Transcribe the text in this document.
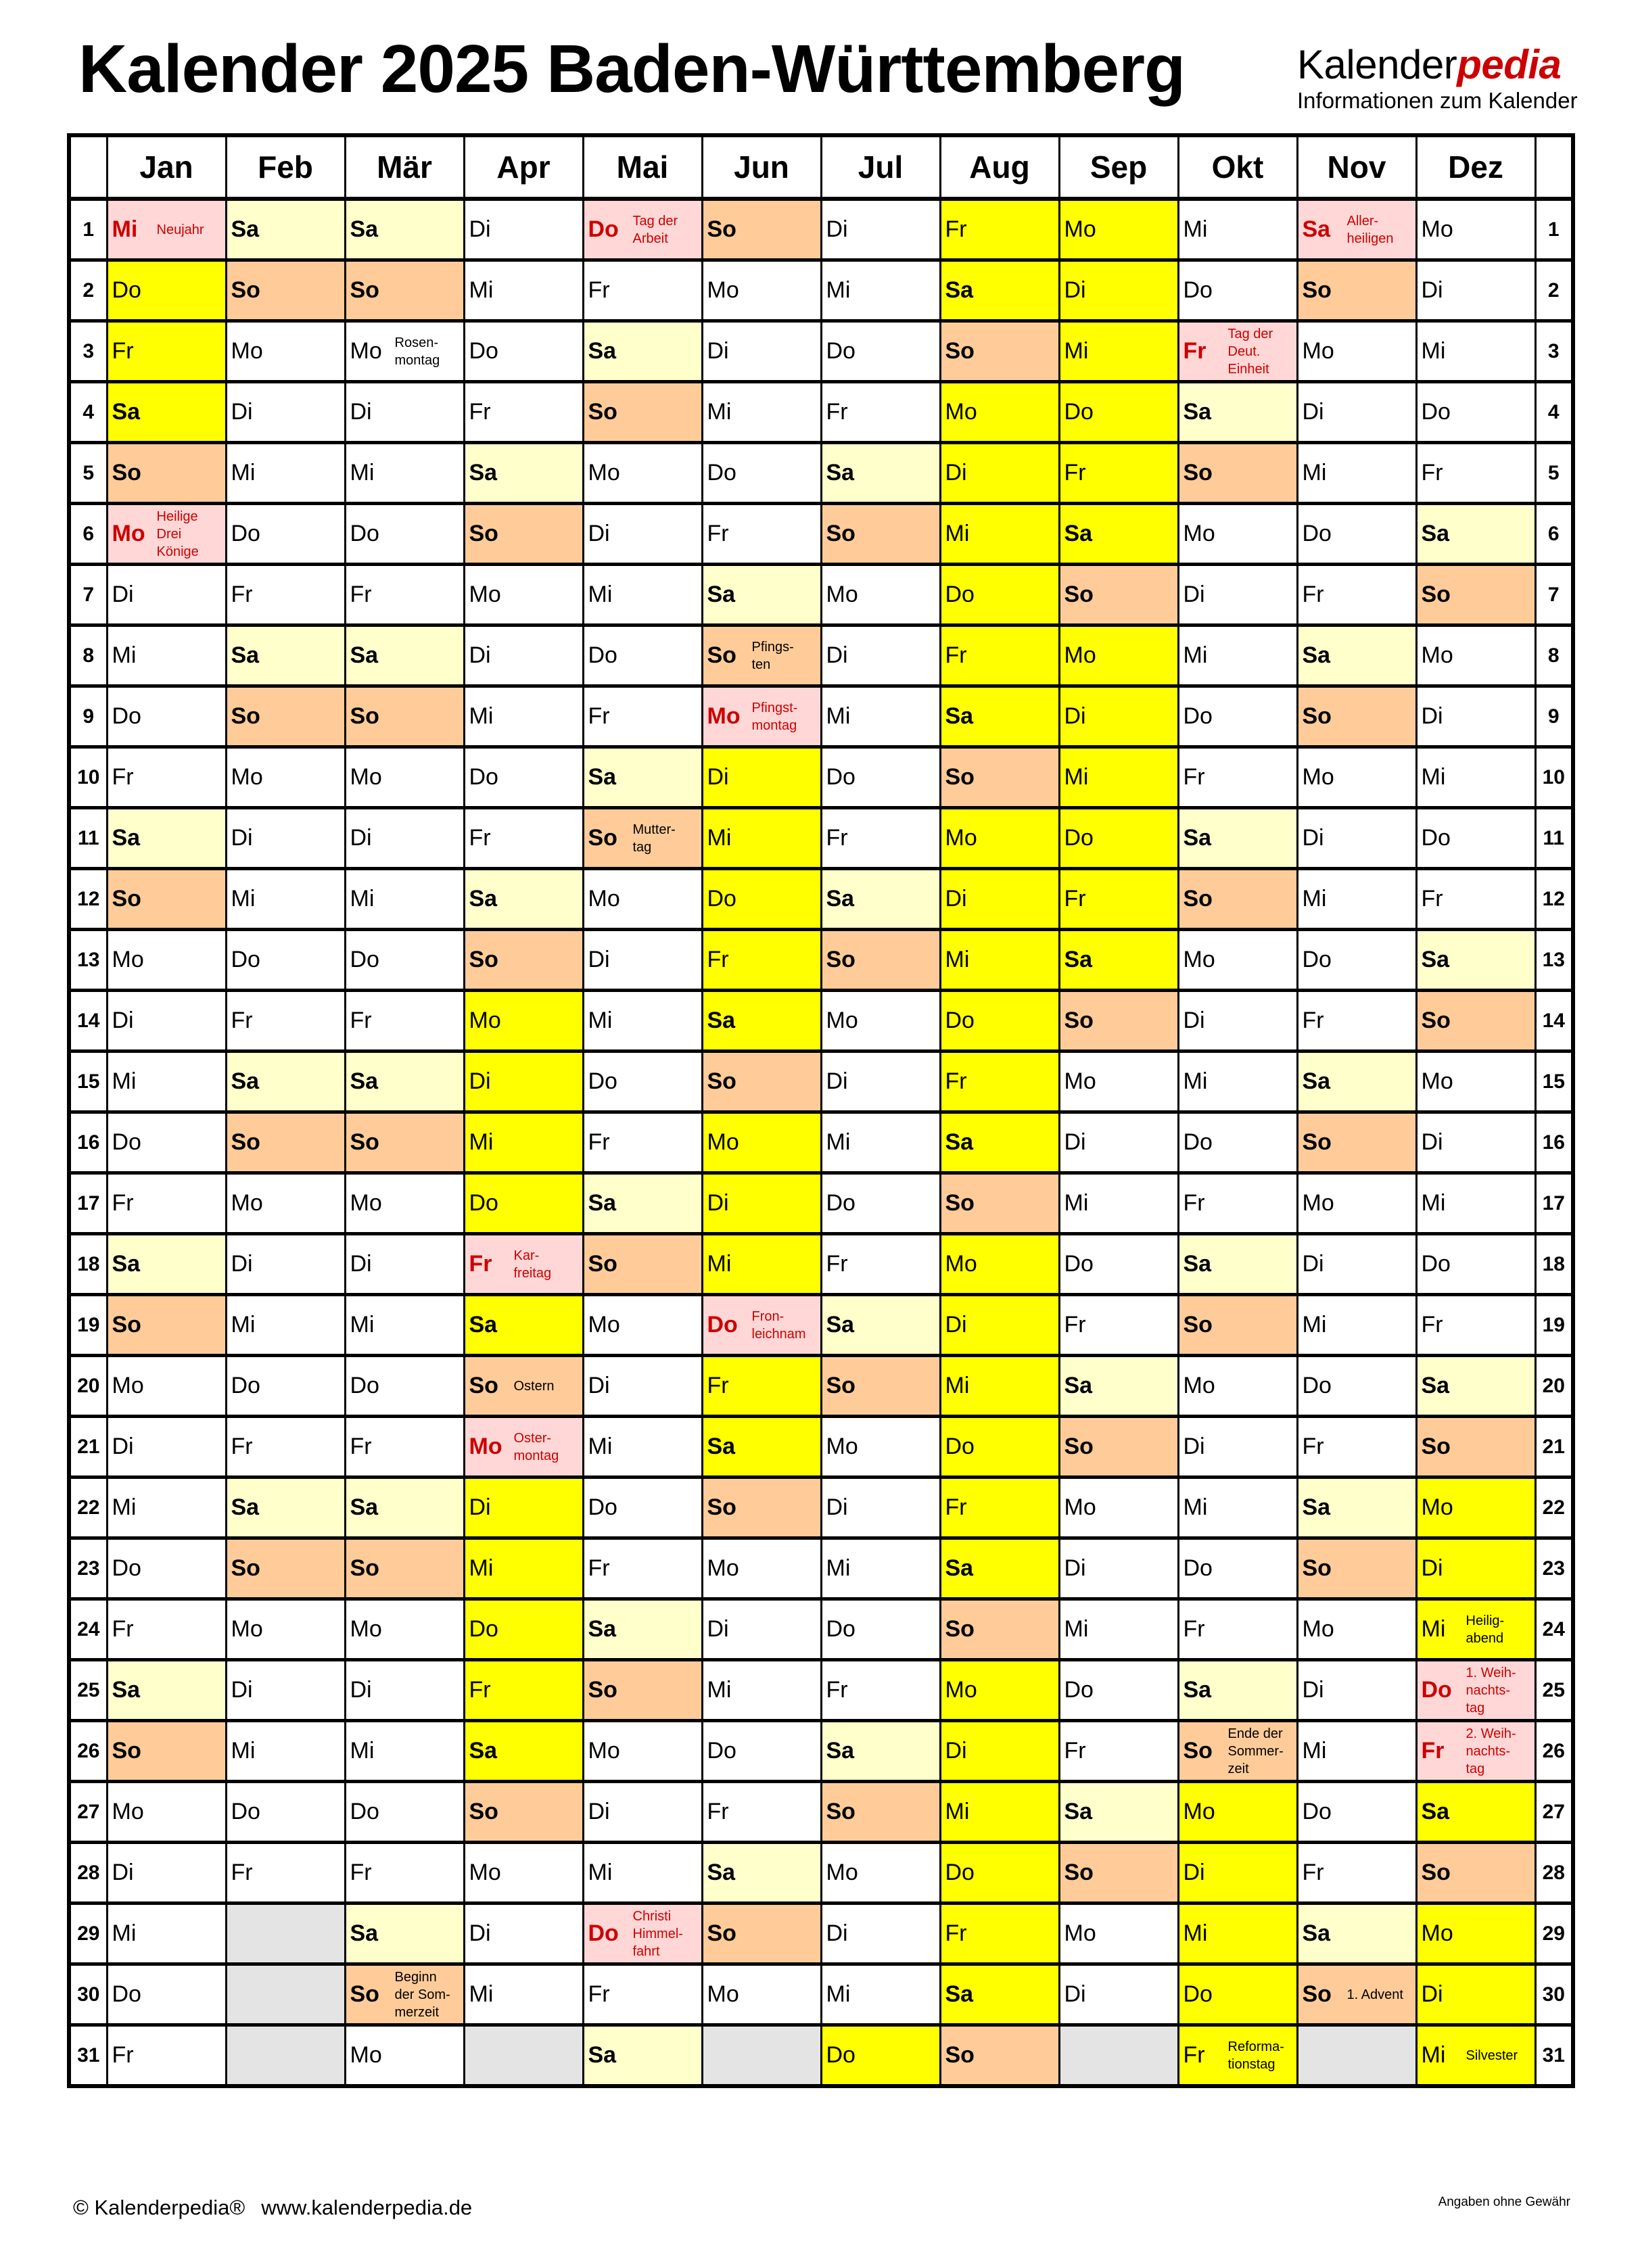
Kalender 2025 Baden-Württemberg	Kalenderpedia
Informationen zum Kalender
	Jan	Feb	Mär	Apr	Mai	Jun	Jul	Aug	Sep	Okt	Nov	Dez	
1	Mi Neujahr	Sa	Sa	Di	Do Tag der
Arbeit	So	Di	Fr	Mo	Mi	Sa Aller-
heiligen	Mo	1
2	Do	So	So	Mi	Fr	Mo	Mi	Sa	Di	Do	So	Di	2
3	Fr	Mo	Mo Rosen-
montag	Do	Sa	Di	Do	So	Mi	Fr
Tag der
Deut.
Einheit	Mo	Mi	3
4	Sa	Di	Di	Fr	So	Mi	Fr	Mo	Do	Sa	Di	Do	4
5	So	Mi	Mi	Sa	Mo	Do	Sa	Di	Fr	So	Mi	Fr	5
6	Mo
Heilige
Drei
Könige	Do	Do	So	Di	Fr	So	Mi	Sa	Mo	Do	Sa	6
7	Di	Fr	Fr	Mo	Mi	Sa	Mo	Do	So	Di	Fr	So	7
8	Mi	Sa	Sa	Di	Do	So Pfings-
ten	Di	Fr	Mo	Mi	Sa	Mo	8
9	Do	So	So	Mi	Fr	Mo Pfingst-
montag	Mi	Sa	Di	Do	So	Di	9
10	Fr	Mo	Mo	Do	Sa	Di	Do	So	Mi	Fr	Mo	Mi	10
11	Sa	Di	Di	Fr	So Mutter-
tag	Mi	Fr	Mo	Do	Sa	Di	Do	11
12	So	Mi	Mi	Sa	Mo	Do	Sa	Di	Fr	So	Mi	Fr	12
13	Mo	Do	Do	So	Di	Fr	So	Mi	Sa	Mo	Do	Sa	13
14	Di	Fr	Fr	Mo	Mi	Sa	Mo	Do	So	Di	Fr	So	14
15	Mi	Sa	Sa	Di	Do	So	Di	Fr	Mo	Mi	Sa	Mo	15
16	Do	So	So	Mi	Fr	Mo	Mi	Sa	Di	Do	So	Di	16
17	Fr	Mo	Mo	Do	Sa	Di	Do	So	Mi	Fr	Mo	Mi	17
18	Sa	Di	Di	Fr Kar-
freitag	So	Mi	Fr	Mo	Do	Sa	Di	Do	18
19	So	Mi	Mi	Sa	Mo	Do Fron-
leichnam	Sa	Di	Fr	So	Mi	Fr	19
20	Mo	Do	Do	So Ostern	Di	Fr	So	Mi	Sa	Mo	Do	Sa	20
21	Di	Fr	Fr	Mo Oster-
montag	Mi	Sa	Mo	Do	So	Di	Fr	So	21
22	Mi	Sa	Sa	Di	Do	So	Di	Fr	Mo	Mi	Sa	Mo	22
23	Do	So	So	Mi	Fr	Mo	Mi	Sa	Di	Do	So	Di	23
24	Fr	Mo	Mo	Do	Sa	Di	Do	So	Mi	Fr	Mo	Mi Heilig-
abend	24
25	Sa	Di	Di	Fr	So	Mi	Fr	Mo	Do	Sa	Di	Do
1. Weih-
nachts-
tag	25
26	So	Mi	Mi	Sa	Mo	Do	Sa	Di	Fr	So
Ende der
Sommer-
zeit	Mi	Fr
2. Weih-
nachts-
tag	26
27	Mo	Do	Do	So	Di	Fr	So	Mi	Sa	Mo	Do	Sa	27
28	Di	Fr	Fr	Mo	Mi	Sa	Mo	Do	So	Di	Fr	So	28
29	Mi		Sa	Di	Do
Christi
Himmel-
fahrt	So	Di	Fr	Mo	Mi	Sa	Mo	29
30	Do		So
Beginn
der Som-
merzeit	Mi	Fr	Mo	Mi	Sa	Di	Do	So 1. Advent	Di	30
31	Fr		Mo		Sa		Do	So		Fr Reforma-
tionstag		Mi Silvester	31
© Kalenderpedia® www.kalenderpedia.de	Angaben ohne Gewähr
